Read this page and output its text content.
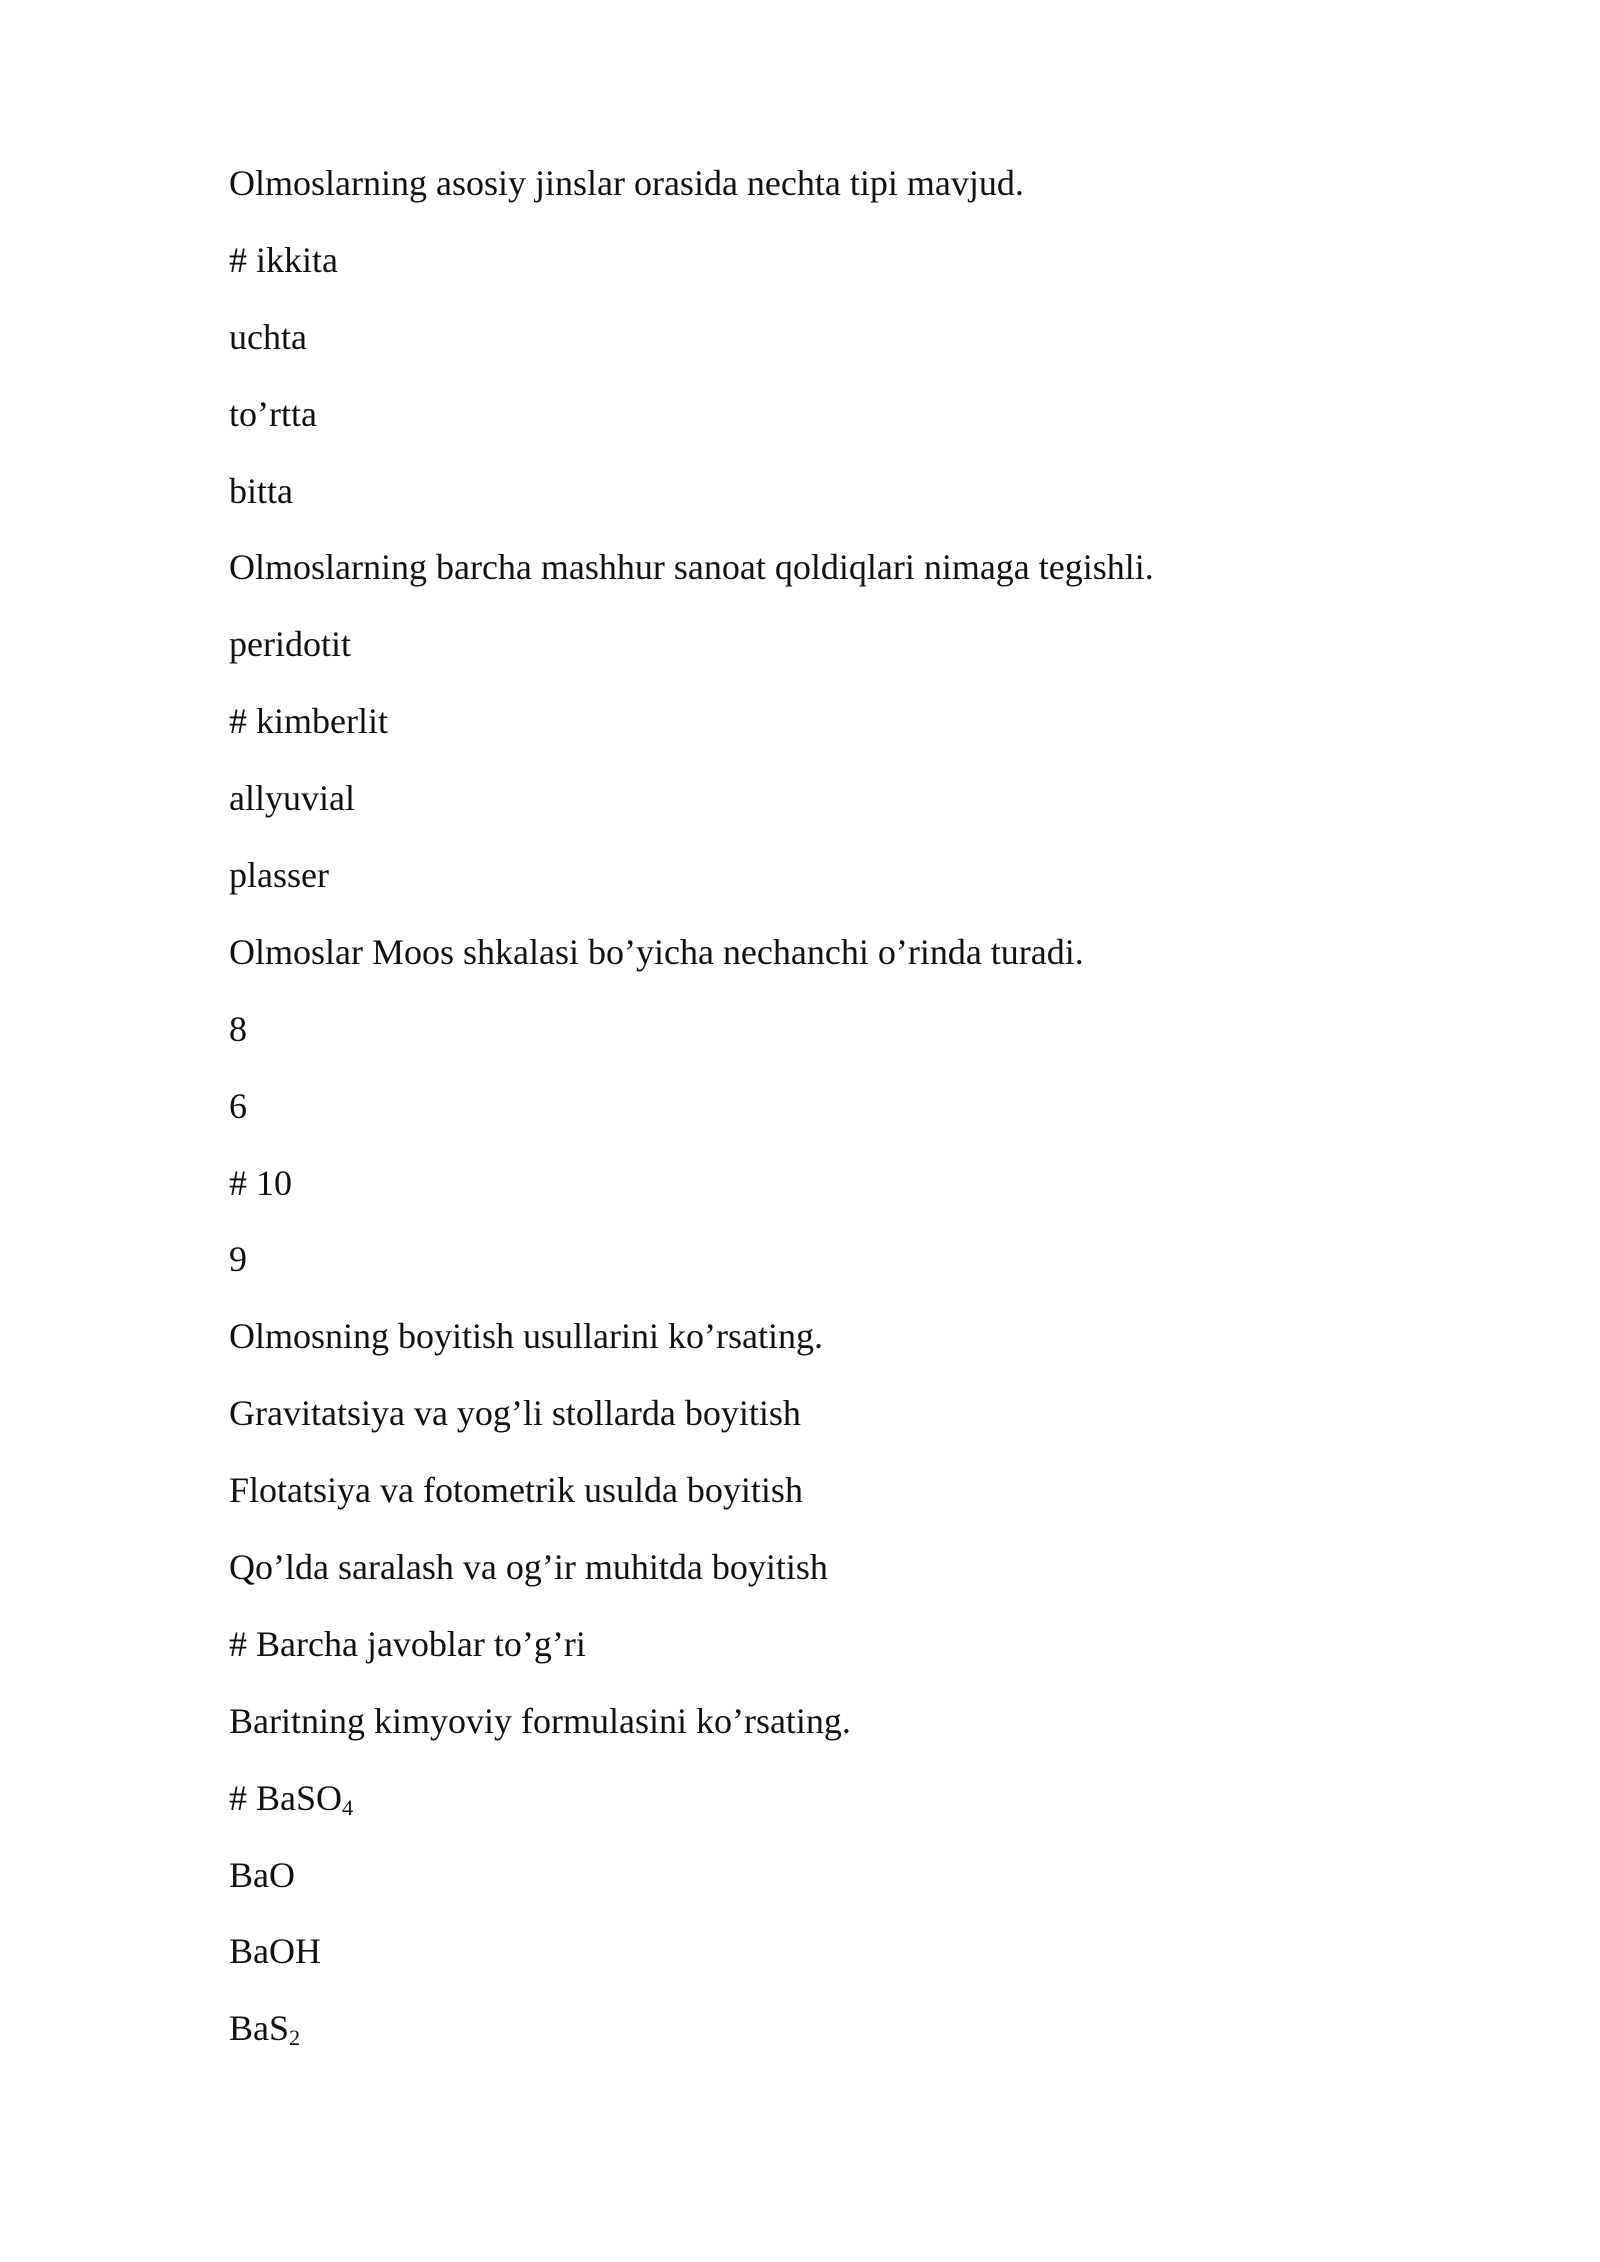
Olmoslarning asosiy jinslar orasida nechta tipi mavjud.
# ikkita
uchta
to’rtta
bitta
Olmoslarning barcha mashhur sanoat qoldiqlari nimaga tegishli.
peridotit
# kimberlit
allyuvial
plasser
Olmoslar Moos shkalasi bo’yicha nechanchi o’rinda turadi.
8
6
# 10
9
Olmosning boyitish usullarini ko’rsating.
Gravitatsiya va yog’li stollarda boyitish
Flotatsiya va fotometrik usulda boyitish
Qo’lda saralash va og’ir muhitda boyitish
# Barcha javoblar to’g’ri
Baritning kimyoviy formulasini ko’rsating.
# BaSO$_4$
BaO
BaOH
BaS$_2$
